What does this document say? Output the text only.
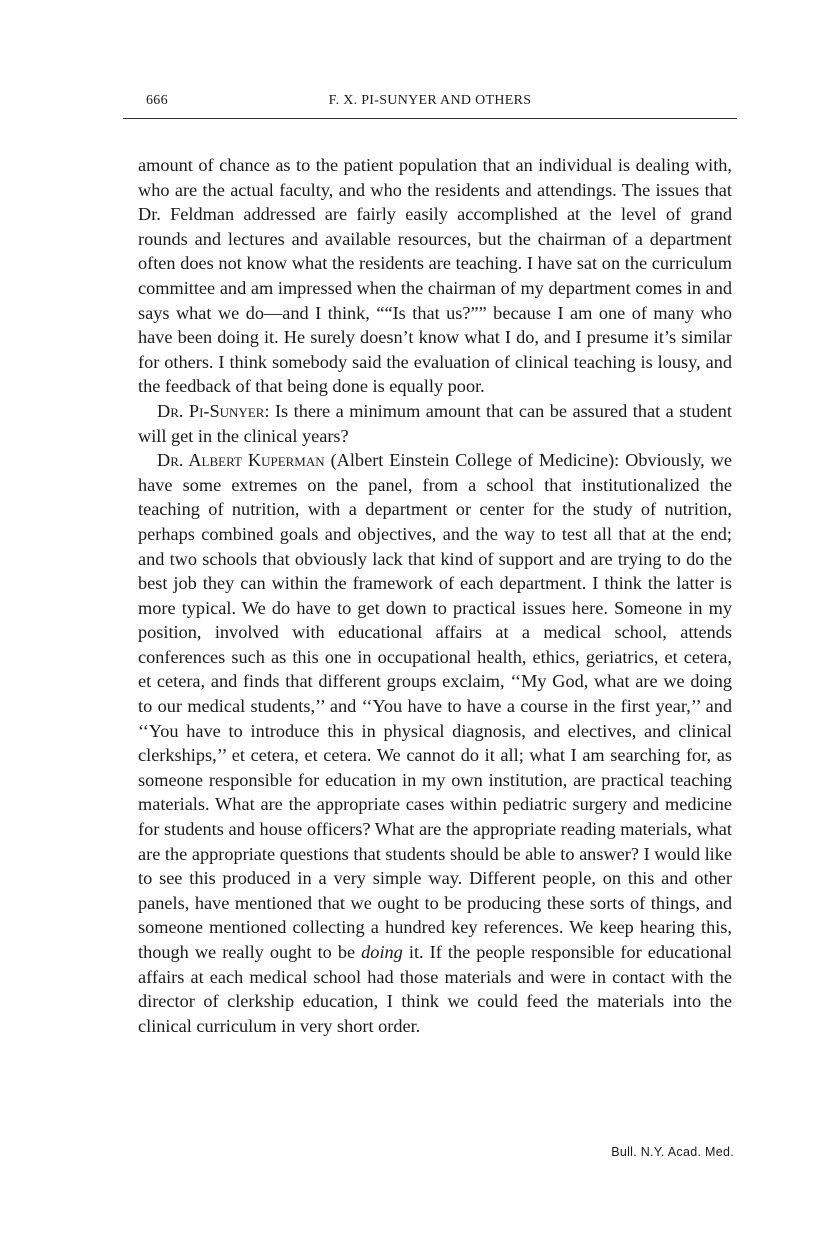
666	F. X. PI-SUNYER AND OTHERS

amount of chance as to the patient population that an individual is dealing with, who are the actual faculty, and who the residents and attendings. The issues that Dr. Feldman addressed are fairly easily accomplished at the level of grand rounds and lectures and available resources, but the chairman of a department often does not know what the residents are teaching. I have sat on the curriculum committee and am impressed when the chairman of my department comes in and says what we do—and I think, ““Is that us?”” because I am one of many who have been doing it. He surely doesn’t know what I do, and I presume it’s similar for others. I think somebody said the evaluation of clinical teaching is lousy, and the feedback of that being done is equally poor.

Dr. Pi-Sunyer: Is there a minimum amount that can be assured that a student will get in the clinical years?

Dr. Albert Kuperman (Albert Einstein College of Medicine): Obviously, we have some extremes on the panel, from a school that institutionalized the teaching of nutrition, with a department or center for the study of nutrition, perhaps combined goals and objectives, and the way to test all that at the end; and two schools that obviously lack that kind of support and are trying to do the best job they can within the framework of each department. I think the latter is more typical. We do have to get down to practical issues here. Someone in my position, involved with educational affairs at a medical school, attends conferences such as this one in occupational health, ethics, geriatrics, et cetera, et cetera, and finds that different groups exclaim, ‘‘My God, what are we doing to our medical students,’’ and ‘‘You have to have a course in the first year,’’ and ‘‘You have to introduce this in physical diagnosis, and electives, and clinical clerkships,’’ et cetera, et cetera. We cannot do it all; what I am searching for, as someone responsible for education in my own institution, are practical teaching materials. What are the appropriate cases within pediatric surgery and medicine for students and house officers? What are the appropriate reading materials, what are the appropriate questions that students should be able to answer? I would like to see this produced in a very simple way. Different people, on this and other panels, have mentioned that we ought to be producing these sorts of things, and someone mentioned collecting a hundred key references. We keep hearing this, though we really ought to be doing it. If the people responsible for educational affairs at each medical school had those materials and were in contact with the director of clerkship education, I think we could feed the materials into the clinical curriculum in very short order.

Bull. N.Y. Acad. Med.
